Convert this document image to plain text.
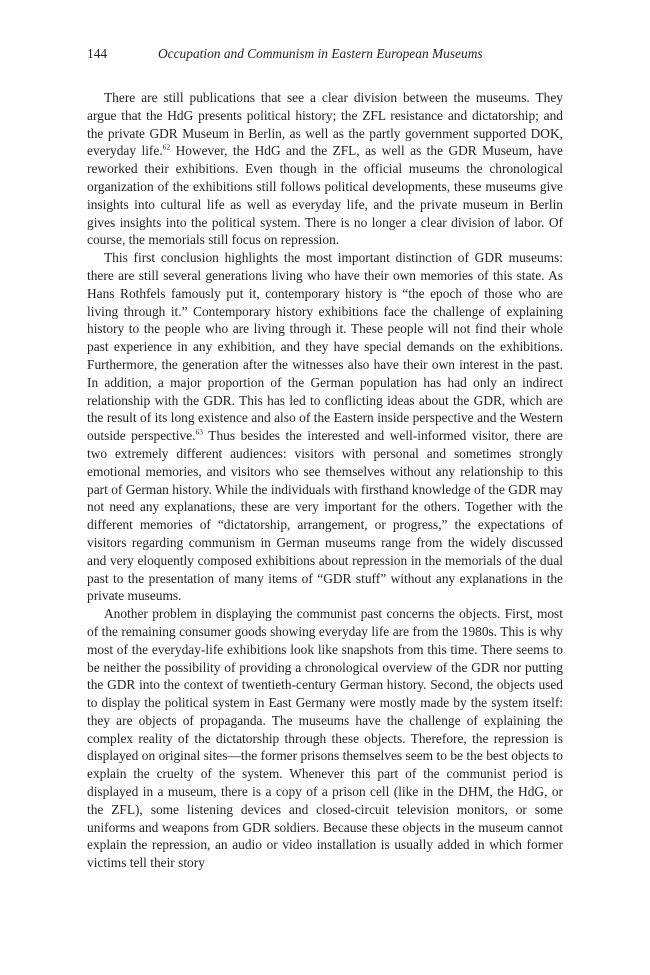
144	Occupation and Communism in Eastern European Museums

There are still publications that see a clear division between the museums. They argue that the HdG presents political history; the ZFL resistance and dictatorship; and the private GDR Museum in Berlin, as well as the partly government supported DOK, everyday life.$^{62}$ However, the HdG and the ZFL, as well as the GDR Museum, have reworked their exhibitions. Even though in the official museums the chronological organization of the exhibitions still follows political developments, these museums give insights into cultural life as well as everyday life, and the private museum in Berlin gives insights into the political system. There is no longer a clear division of labor. Of course, the memorials still focus on repression.

This first conclusion highlights the most important distinction of GDR museums: there are still several generations living who have their own memories of this state. As Hans Rothfels famously put it, contemporary history is “the epoch of those who are living through it.” Contemporary history exhibitions face the challenge of explaining history to the people who are living through it. These people will not find their whole past experience in any exhibition, and they have special demands on the exhibitions. Furthermore, the generation after the witnesses also have their own interest in the past. In addition, a major proportion of the German population has had only an indirect relationship with the GDR. This has led to conflicting ideas about the GDR, which are the result of its long existence and also of the Eastern inside perspective and the Western outside perspective.$^{63}$ Thus besides the interested and well-informed visitor, there are two extremely different audiences: visitors with personal and sometimes strongly emotional memories, and visitors who see themselves without any relationship to this part of German history. While the individuals with firsthand knowledge of the GDR may not need any explanations, these are very important for the others. Together with the different memories of “dictatorship, arrangement, or progress,” the expectations of visitors regarding communism in German museums range from the widely discussed and very eloquently composed exhibitions about repression in the memorials of the dual past to the presentation of many items of “GDR stuff” without any explanations in the private museums.

Another problem in displaying the communist past concerns the objects. First, most of the remaining consumer goods showing everyday life are from the 1980s. This is why most of the everyday-life exhibitions look like snapshots from this time. There seems to be neither the possibility of providing a chronological overview of the GDR nor putting the GDR into the context of twentieth-century German history. Second, the objects used to display the political system in East Germany were mostly made by the system itself: they are objects of propaganda. The museums have the challenge of explaining the complex reality of the dictatorship through these objects. Therefore, the repression is displayed on original sites—the former prisons themselves seem to be the best objects to explain the cruelty of the system. Whenever this part of the communist period is displayed in a museum, there is a copy of a prison cell (like in the DHM, the HdG, or the ZFL), some listening devices and closed-circuit television monitors, or some uniforms and weapons from GDR soldiers. Because these objects in the museum cannot explain the repression, an audio or video installation is usually added in which former victims tell their story
